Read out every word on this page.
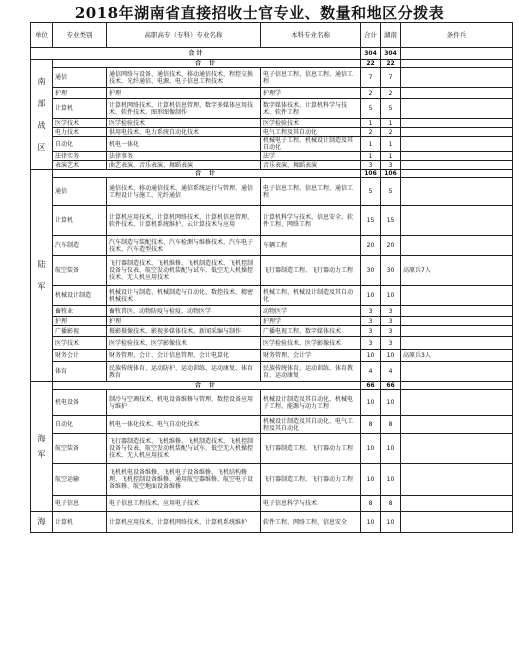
2018年湖南省直接招收士官专业、数量和地区分拨表
单位	专业类别	高职高专（专科）专业名称	本科专业名称	合计	湖南	条件兵
合 计				304	304	

南
部
战
区	合 计			22	22	
	通信	通信网络与设备、通信技术、移动通信技术、程控交换技术、光纤通信、电源、电子信息工程技术	电子信息工程、信息工程、通信工程	7	7	
	护理	护理	护理学	2	2	
	计算机	计算机网络技术、计算机信息管理、数字多媒体应用技术、软件技术、图形图像制作	数字媒体技术、计算机科学与技术、软件工程	5	5	
	医学技术	医学检验技术	医学检验技术	1	1	
	电力技术	供用电技术、电力系统自动化技术	电气工程及其自动化	2	2	
	自动化	机电一体化	机械电子工程、机械设计制造及其自动化	1	1	
	法律实务	法律事务	法学	1	1	
	表演艺术	曲艺表演、音乐表演、舞蹈表演	音乐表演、舞蹈表演	3	3	

陆
军	合 计			106	106	
	通信	通信技术、移动通信技术、通信系统运行与管理、通信工程设计与施工、光纤通信	电子信息工程、信息工程、通信工程	5	5	
	计算机	计算机应用技术、计算机网络技术、计算机信息管理、软件技术、计算机系统维护、云计算技术与应用	计算机科学与技术、信息安全、软件工程、网络工程	15	15	
	汽车制造	汽车制造与装配技术、汽车检测与维修技术、汽车电子技术、汽车造型技术	车辆工程	20	20	
	航空装备	飞行器制造技术、飞机维修、飞机制造技术、飞机控制设备与仪表、航空发动机装配与试车、低空无人机操控技术、无人机应用技术	飞行器制造工程、飞行器动力工程	30	30	高原兵7人
	机械设计制造	机械设计与制造、机械制造与自动化、数控技术、精密机械技术	机械工程、机械设计制造及其自动化	10	10	
	畜牧业	畜牧兽医、动物防疫与检疫、动物医学	动物医学	3	3	
	护理	护理	护理学	3	3	
	广播影视	摄影摄像技术、影视多媒体技术、新闻采编与制作	广播电视工程、数字媒体技术	3	3	
	医学技术	医学检验技术、医学影像技术	医学检验技术、医学影像技术	3	3	
	财务会计	财务管理、会计、会计信息管理、会计电算化	财务管理、会计学	10	10	高原兵3人
	体育	民族传统体育、运动防护、运动训练、运动康复、体育教育	民族传统体育、运动训练、体育教育、运动康复	4	4	

海
军	合 计			66	66	
	机电设备	制冷与空调技术、机电设备维修与管理、数控设备应用与维护	机械设计制造及其自动化、机械电子工程、能源与动力工程	10	10	
	自动化	机电一体化技术、电气自动化技术	机械设计制造及其自动化、电气工程及其自动化	8	8	
	航空装备	飞行器制造技术、飞机维修、飞机制造技术、飞机控制设备与仪表、航空发动机装配与试车、低空无人机操控技术、无人机应用技术	飞行器制造工程、飞行器动力工程	10	10	
	航空运输	飞机机电设备维修、飞机电子设备维修、飞机结构修理、飞机控制设备维修、通用航空器维修、航空电子设备维修、航空地面设备维修	飞行器制造工程、飞行器动力工程	10	10	
	电子信息	电子信息工程技术、应用电子技术	电子信息科学与技术	8	8	

海	计算机	计算机应用技术、计算机网络技术、计算机系统维护	软件工程、网络工程、信息安全	10	10	
